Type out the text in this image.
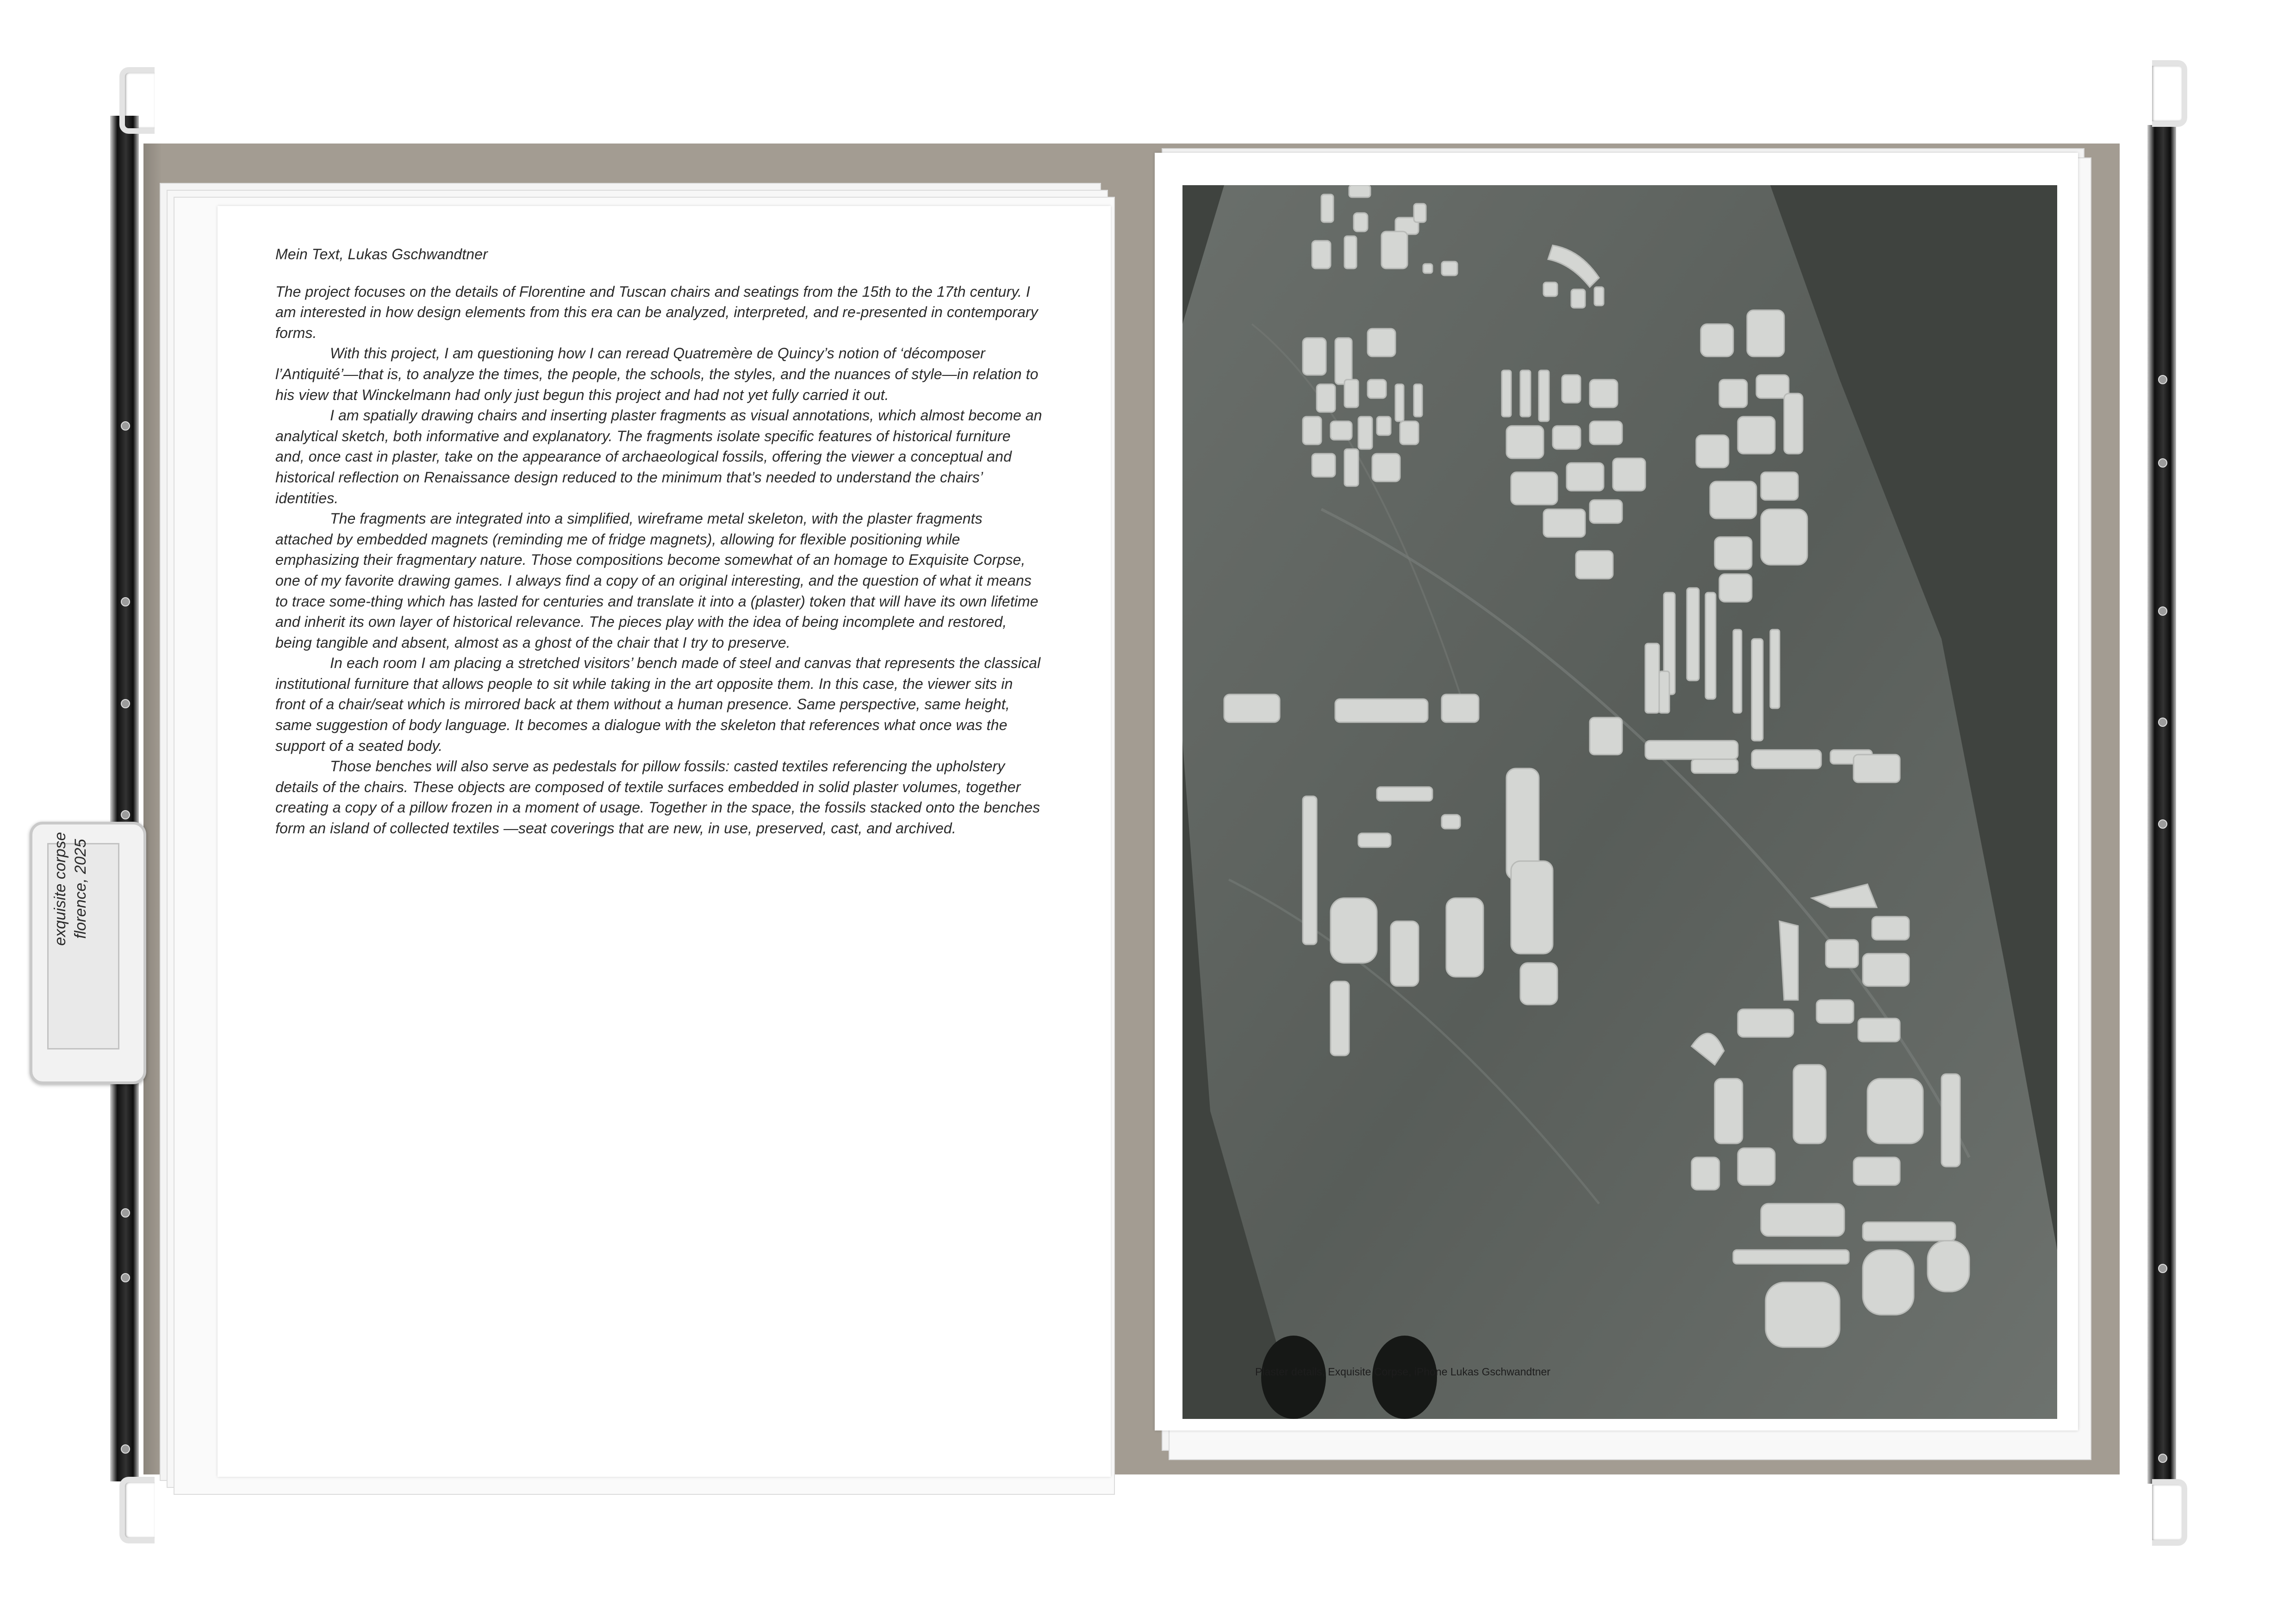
Mein Text, Lukas Gschwandtner

The project focuses on the details of Florentine and Tuscan chairs and seatings from the 15th to the 17th century. I am interested in how design elements from this era can be analyzed, interpreted, and re-presented in contemporary forms.

With this project, I am questioning how I can reread Quatremère de Quincy’s notion of ‘décomposer l’Antiquité’—that is, to analyze the times, the people, the schools, the styles, and the nuances of style—in relation to his view that Winckelmann had only just begun this project and had not yet fully carried it out.

I am spatially drawing chairs and inserting plaster fragments as visual annotations, which almost become an analytical sketch, both informative and explanatory. The fragments isolate specific features of historical furniture and, once cast in plaster, take on the appearance of archaeological fossils, offering the viewer a conceptual and historical reflection on Renaissance design reduced to the minimum that’s needed to understand the chairs’ identities.

The fragments are integrated into a simplified, wireframe metal skeleton, with the plaster fragments attached by embedded magnets (reminding me of fridge magnets), allowing for flexible positioning while emphasizing their fragmentary nature. Those compositions become somewhat of an homage to Exquisite Corpse, one of my favorite drawing games. I always find a copy of an original interesting, and the question of what it means to trace some-thing which has lasted for centuries and translate it into a (plaster) token that will have its own lifetime and inherit its own layer of historical relevance. The pieces play with the idea of being incomplete and restored, being tangible and absent, almost as a ghost of the chair that I try to preserve.

In each room I am placing a stretched visitors’ bench made of steel and canvas that represents the classical institutional furniture that allows people to sit while taking in the art opposite them. In this case, the viewer sits in front of a chair/seat which is mirrored back at them without a human presence. Same perspective, same height, same suggestion of body language. It becomes a dialogue with the skeleton that references what once was the support of a seated body.

Those benches will also serve as pedestals for pillow fossils: casted textiles referencing the upholstery details of the chairs. These objects are composed of textile surfaces embedded in solid plaster volumes, together creating a copy of a pillow frozen in a moment of usage. Together in the space, the fossils stacked onto the benches form an island of collected textiles —seat coverings that are new, in use, preserved, cast, and archived.

Plaster details, Exquisite Corpse, iPhone Lukas Gschwandtner
exquisite corpse florence, 2025
